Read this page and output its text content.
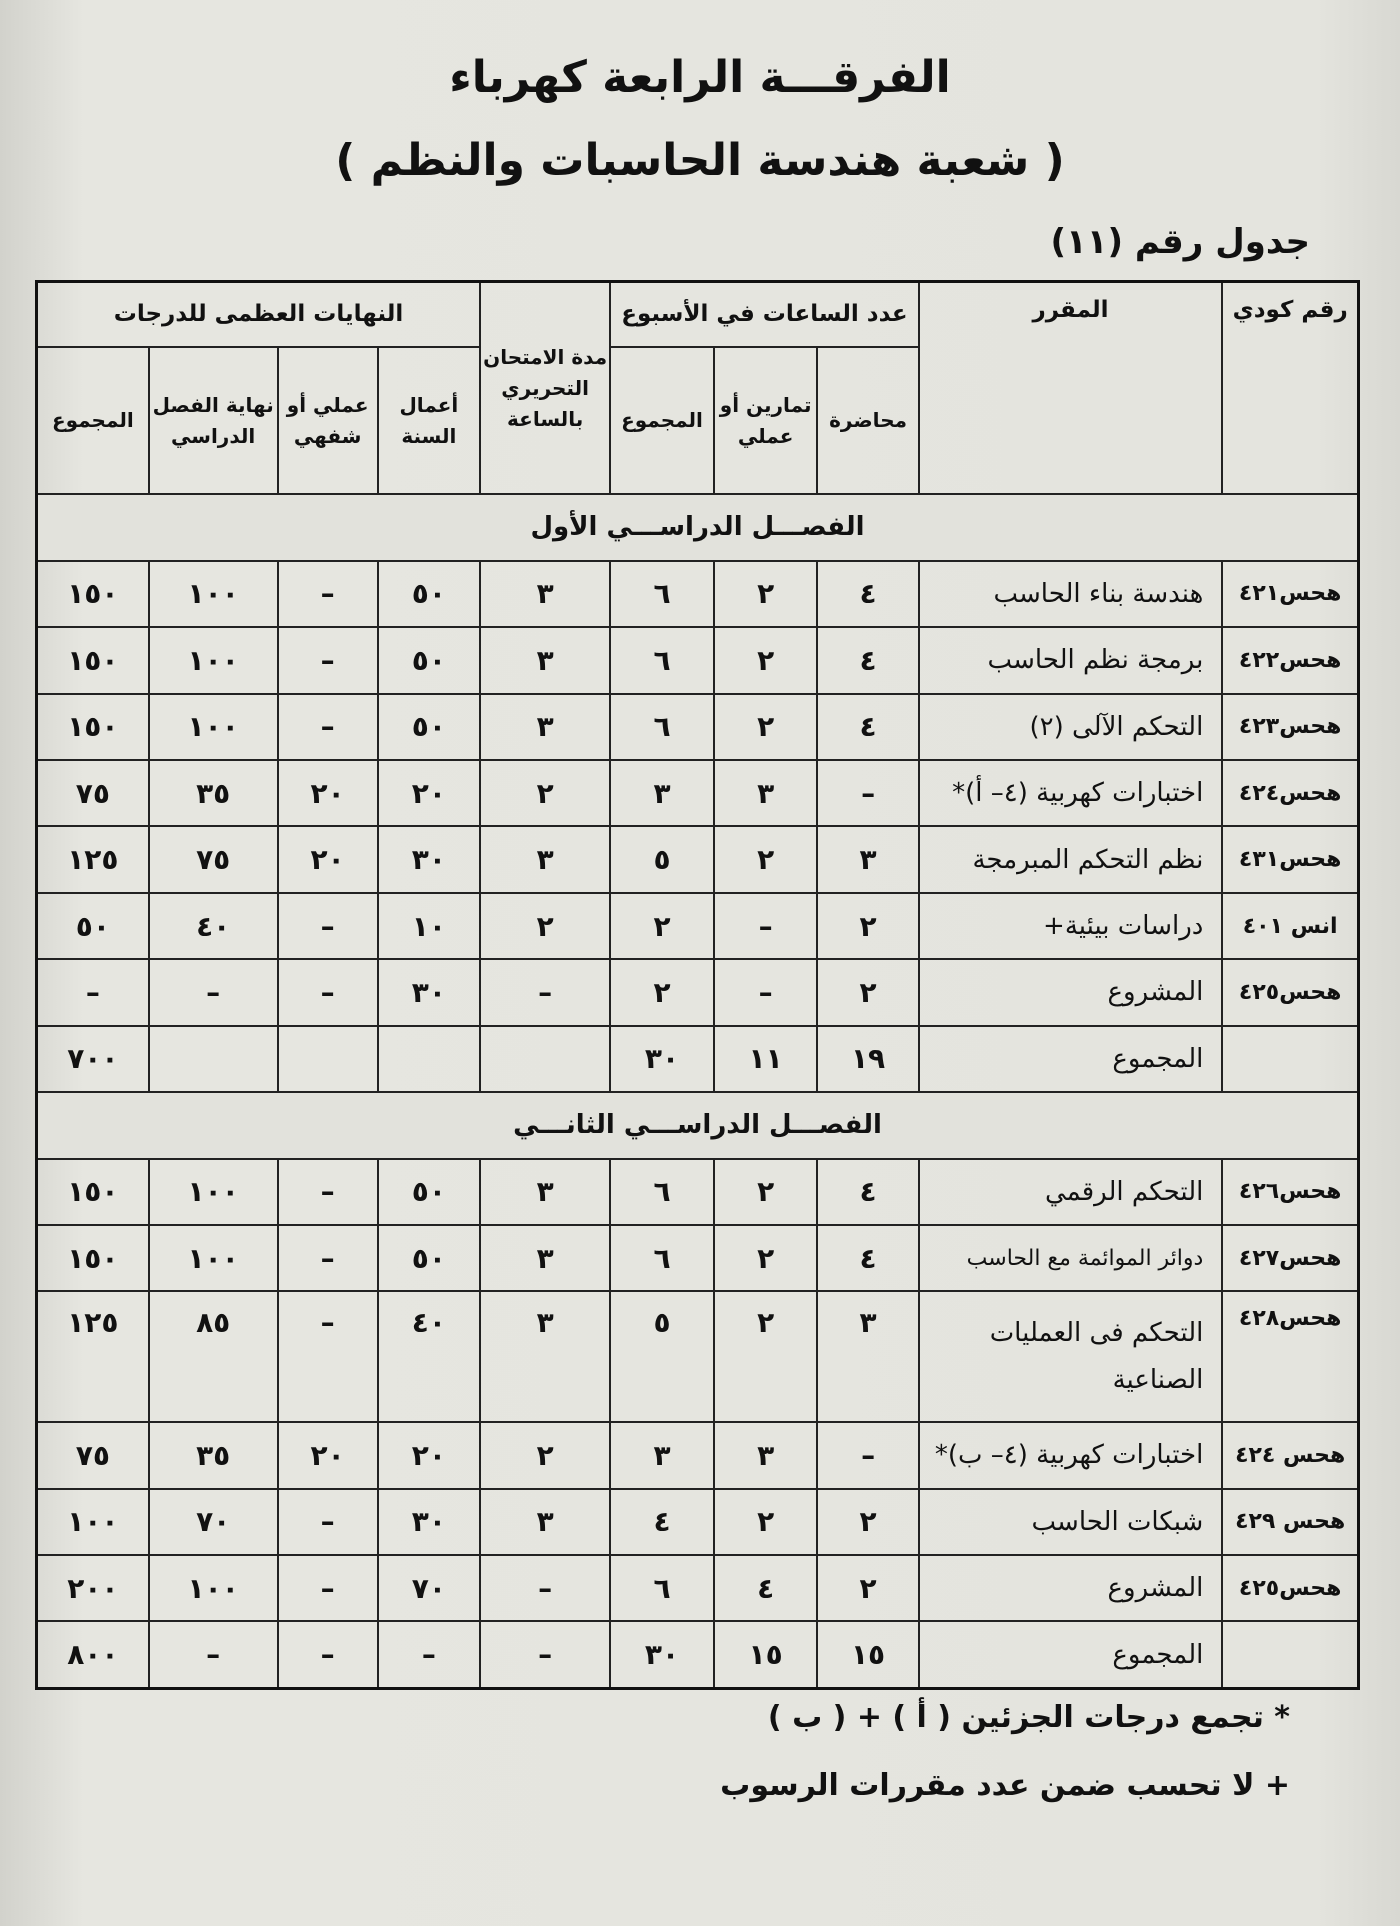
الفرقـــة الرابعة كهرباء
( شعبة هندسة الحاسبات والنظم )
جدول رقم (١١)
رقم كودي	المقرر	عدد الساعات في الأسبوع			مدة الامتحان التحريري بالساعة	النهايات العظمى للدرجات			
		محاضرة	تمارين أو عملي	المجموع		أعمال السنة	عملي أو شفهي	نهاية الفصل الدراسي	المجموع
الفصـــل الدراســـي الأول									
هحس٤٢١	هندسة بناء الحاسب	٤	٢	٦	٣	٥٠	–	١٠٠	١٥٠
هحس٤٢٢	برمجة نظم الحاسب	٤	٢	٦	٣	٥٠	–	١٠٠	١٥٠
هحس٤٢٣	التحكم الآلى (٢)	٤	٢	٦	٣	٥٠	–	١٠٠	١٥٠
هحس٤٢٤	اختبارات كهربية (٤– أ)*	–	٣	٣	٢	٢٠	٢٠	٣٥	٧٥
هحس٤٣١	نظم التحكم المبرمجة	٣	٢	٥	٣	٣٠	٢٠	٧٥	١٢٥
انس ٤٠١	دراسات بيئية+	٢	–	٢	٢	١٠	–	٤٠	٥٠
هحس٤٢٥	المشروع	٢	–	٢	–	٣٠	–	–	–
	المجموع	١٩	١١	٣٠					٧٠٠
الفصـــل الدراســـي الثانـــي									
هحس٤٢٦	التحكم الرقمي	٤	٢	٦	٣	٥٠	–	١٠٠	١٥٠
هحس٤٢٧	دوائر الموائمة مع الحاسب	٤	٢	٦	٣	٥٠	–	١٠٠	١٥٠
هحس٤٢٨	التحكم فى العمليات الصناعية	٣	٢	٥	٣	٤٠	–	٨٥	١٢٥
هحس ٤٢٤	اختبارات كهربية (٤– ب)*	–	٣	٣	٢	٢٠	٢٠	٣٥	٧٥
هحس ٤٢٩	شبكات الحاسب	٢	٢	٤	٣	٣٠	–	٧٠	١٠٠
هحس٤٢٥	المشروع	٢	٤	٦	–	٧٠	–	١٠٠	٢٠٠
	المجموع	١٥	١٥	٣٠	–	–	–	–	٨٠٠
* تجمع درجات الجزئين ( أ ) + ( ب )
+ لا تحسب ضمن عدد مقررات الرسوب
